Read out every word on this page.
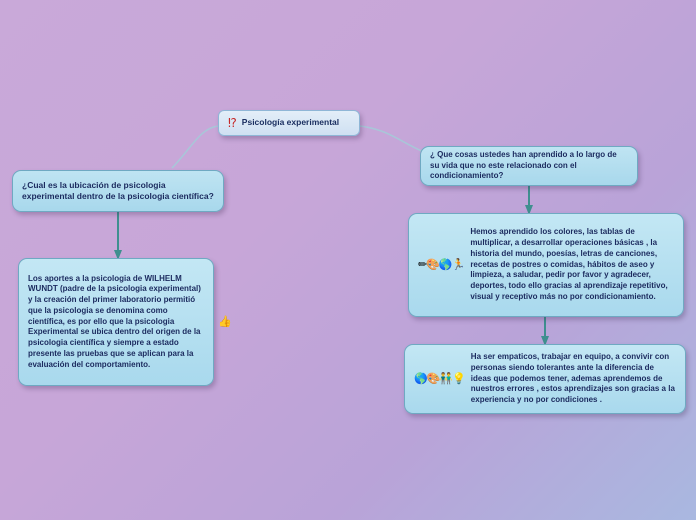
⁉ Psicología experimental
¿Cual es la ubicación de psicologia experimental dentro de la psicologia científica?
Los aportes a la psicologia de WILHELM WUNDT (padre de la psicologia experimental) y la creación del primer laboratorio permitió que la psicologia se denomina como científica, es por ello que la psicologia Experimental se ubica dentro del origen de la psicologia científica y siempre a estado presente las pruebas que se aplican para la evaluación del comportamiento.
¿ Que cosas ustedes han aprendido a lo largo de su vida que no este relacionado con el condicionamiento?
✏🎨🌎🏃
Hemos aprendido los colores, las tablas de multiplicar, a desarrollar operaciones básicas , la historia del mundo, poesías, letras de canciones, recetas de postres o comidas, hábitos de aseo y limpieza, a saludar, pedir por favor y agradecer, deportes, todo ello gracias al aprendizaje repetitivo, visual y receptivo más no por condicionamiento.
🌎🎨👬💡
Ha ser empaticos, trabajar en equipo, a convivir con personas siendo tolerantes ante la diferencia de ideas que podemos tener, ademas aprendemos de nuestros errores , estos aprendizajes son gracias a la experiencia y no por condiciones .
👍
